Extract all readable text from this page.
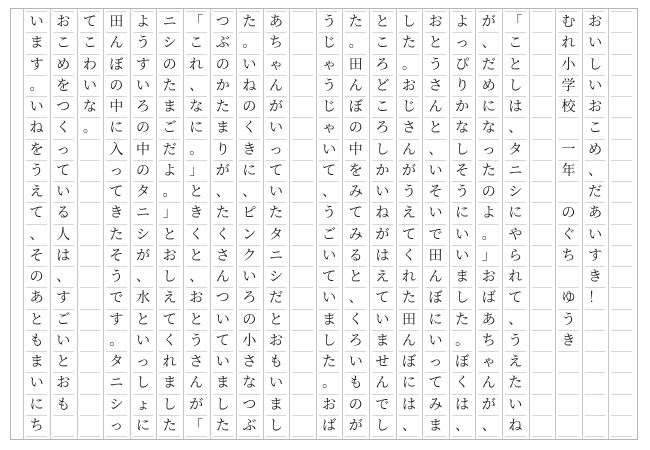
お
い
し
い
お
こ
め
、
だ
あ
い
す
き
！
む
れ
小
学
校

一
年

の
ぐ
ち

ゆ
う
き
「
こ
と
し
は
、
タ
ニ
シ
に
や
ら
れ
て
、
う
え
た
い
ね
が
、
だ
め
に
な
っ
た
の
よ
。
」
お
ば
あ
ち
ゃ
ん
が
、
よ
っ
ぴ
り
か
な
し
そ
う
に
い
い
ま
し
た
。
ぼ
く
は
、
お
と
う
さ
ん
と
、
い
そ
い
で
田
ん
ぼ
に
い
っ
て
み
ま
し
た
。
お
じ
さ
ん
が
う
え
て
く
れ
た
田
ん
ぼ
に
は
、
と
こ
ろ
ど
こ
ろ
し
か
い
ね
が
は
え
て
い
ま
せ
ん
で
し
た
。
田
ん
ぼ
の
中
を
み
て
み
る
と
、
く
ろ
い
も
の
が
う
じ
ゃ
う
じ
ゃ
い
て
、
う
ご
い
て
い
ま
し
た
。
お
ば
あ
ち
ゃ
ん
が
い
っ
て
い
た
タ
ニ
シ
だ
と
お
も
い
ま
し
た
。
い
ね
の
く
き
に
、
ピ
ン
ク
い
ろ
の
小
さ
な
つ
ぶ
つ
ぶ
の
か
た
ま
り
が
、
た
く
さ
ん
つ
い
て
い
ま
し
た
「
こ
れ
、
な
に
。
」
と
き
く
と
、
お
と
う
さ
ん
が
「
ニ
シ
の
た
ま
ご
だ
よ
。
」
と
お
し
え
て
く
れ
ま
し
た
よ
う
す
い
ろ
の
中
の
タ
ニ
シ
が
、
水
と
い
っ
し
ょ
に
田
ん
ぼ
の
中
に
入
っ
て
き
た
そ
う
で
す
。
タ
ニ
シ
っ
て
こ
わ
い
な
。
お
こ
め
を
つ
く
っ
て
い
る
人
は
、
す
ご
い
と
お
も
い
ま
す
。
い
ね
を
う
え
て
、
そ
の
あ
と
も
ま
い
に
ち
